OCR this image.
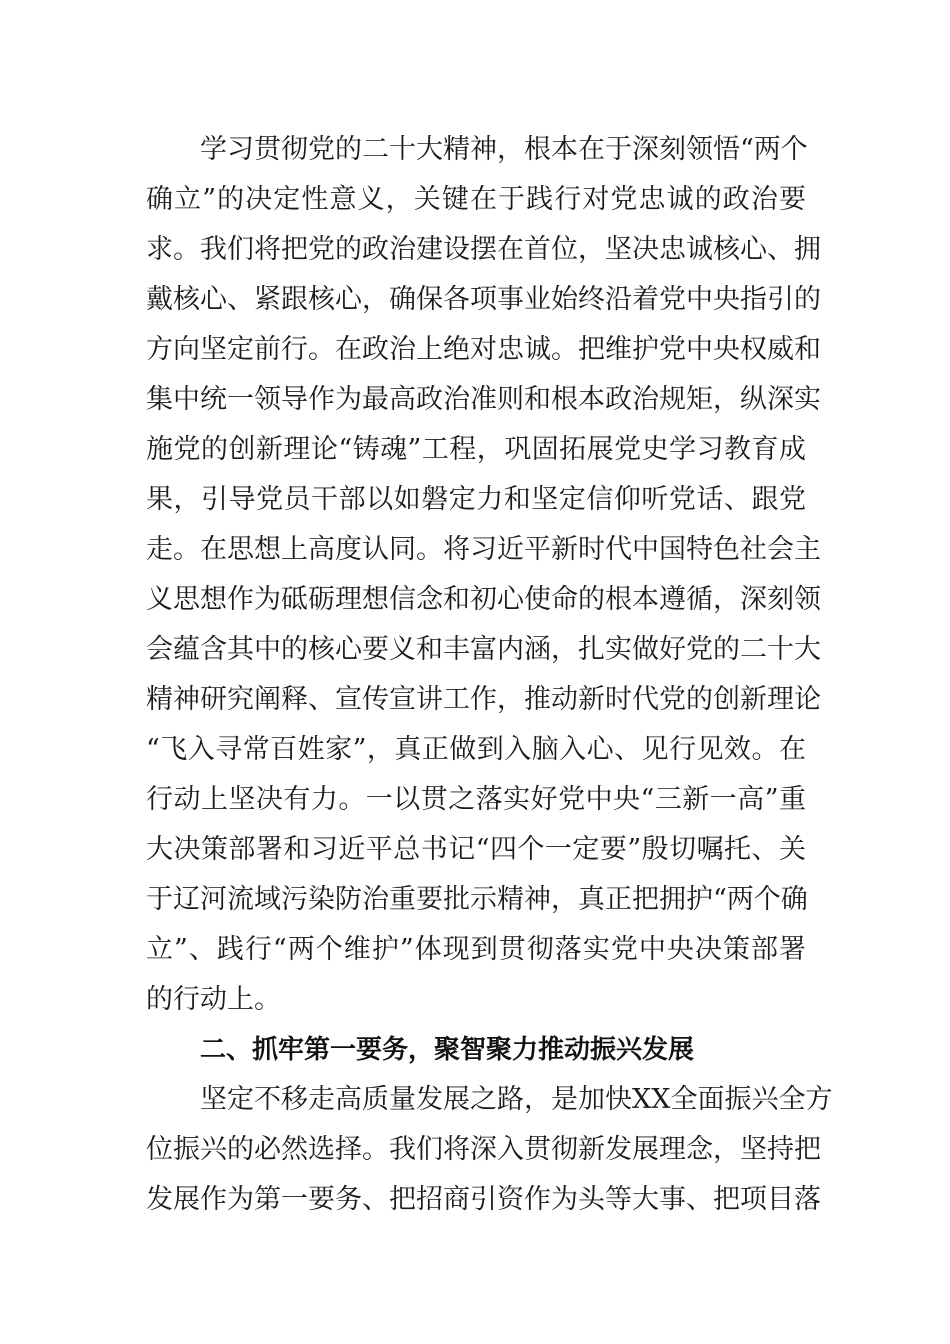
学习贯彻党的二十大精神，根本在于深刻领悟“两个
确立”的决定性意义，关键在于践行对党忠诚的政治要
求。我们将把党的政治建设摆在首位，坚决忠诚核心、拥
戴核心、紧跟核心，确保各项事业始终沿着党中央指引的
方向坚定前行。在政治上绝对忠诚。把维护党中央权威和
集中统一领导作为最高政治准则和根本政治规矩，纵深实
施党的创新理论“铸魂”工程，巩固拓展党史学习教育成
果，引导党员干部以如磐定力和坚定信仰听党话、跟党
走。在思想上高度认同。将习近平新时代中国特色社会主
义思想作为砥砺理想信念和初心使命的根本遵循，深刻领
会蕴含其中的核心要义和丰富内涵，扎实做好党的二十大
精神研究阐释、宣传宣讲工作，推动新时代党的创新理论
“飞入寻常百姓家”，真正做到入脑入心、见行见效。在
行动上坚决有力。一以贯之落实好党中央“三新一高”重
大决策部署和习近平总书记“四个一定要”殷切嘱托、关
于辽河流域污染防治重要批示精神，真正把拥护“两个确
立”、践行“两个维护”体现到贯彻落实党中央决策部署
的行动上。
二、抓牢第一要务，聚智聚力推动振兴发展
坚定不移走高质量发展之路，是加快XX全面振兴全方
位振兴的必然选择。我们将深入贯彻新发展理念，坚持把
发展作为第一要务、把招商引资作为头等大事、把项目落
